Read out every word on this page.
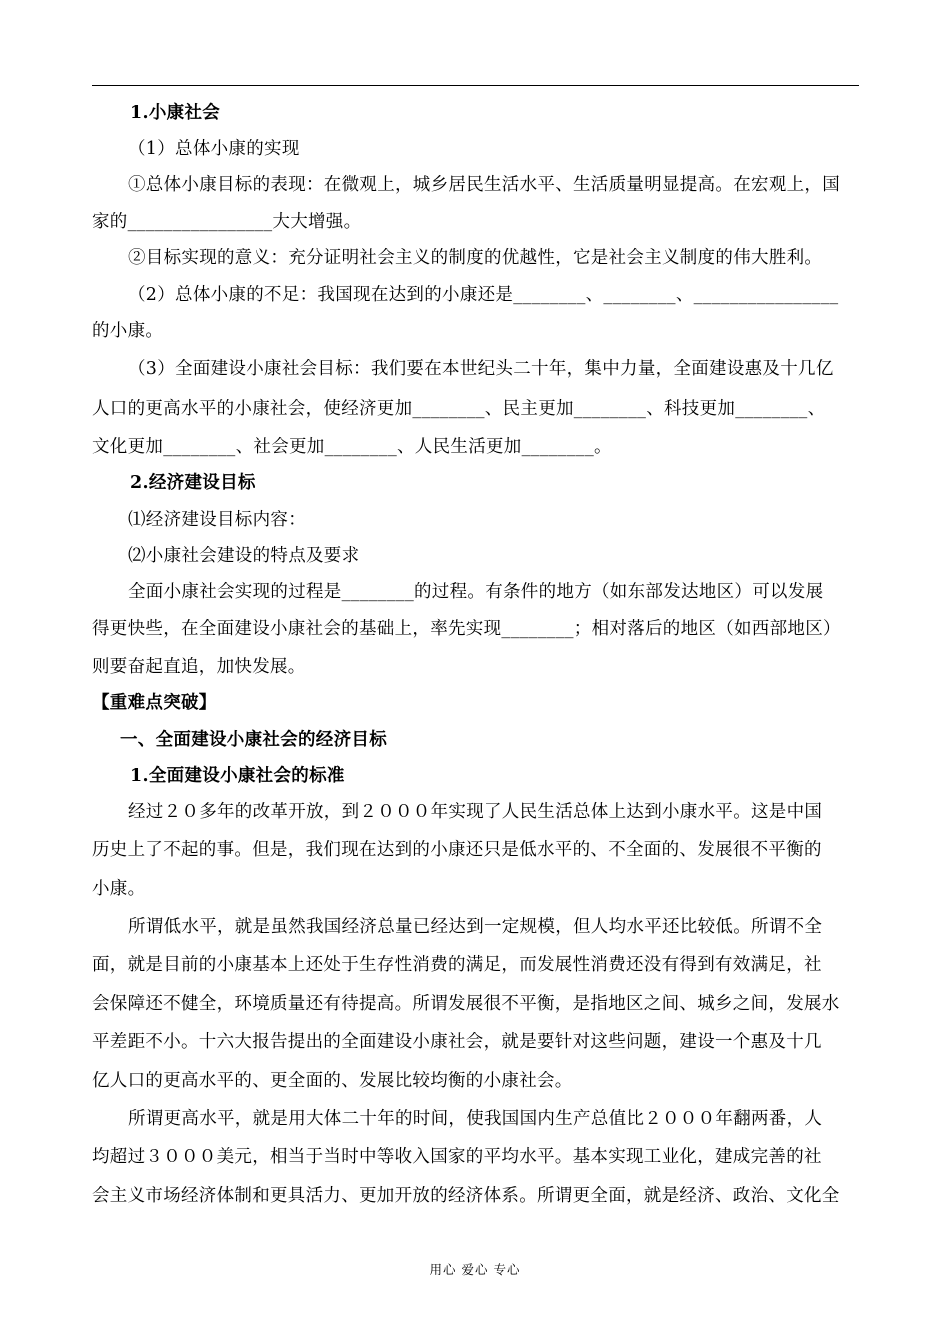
1.小康社会
（1）总体小康的实现
①总体小康目标的表现：在微观上，城乡居民生活水平、生活质量明显提高。在宏观上，国
家的________________大大增强。
②目标实现的意义：充分证明社会主义的制度的优越性，它是社会主义制度的伟大胜利。
（2）总体小康的不足：我国现在达到的小康还是________、________、________________
的小康。
（3）全面建设小康社会目标：我们要在本世纪头二十年，集中力量，全面建设惠及十几亿
人口的更高水平的小康社会，使经济更加________、民主更加________、科技更加________、
文化更加________、社会更加________、人民生活更加________。
2.经济建设目标
⑴经济建设目标内容：
⑵小康社会建设的特点及要求
全面小康社会实现的过程是________的过程。有条件的地方（如东部发达地区）可以发展
得更快些，在全面建设小康社会的基础上，率先实现________；相对落后的地区（如西部地区）
则要奋起直追，加快发展。
【重难点突破】
一、全面建设小康社会的经济目标
1.全面建设小康社会的标准
经过２０多年的改革开放，到２０００年实现了人民生活总体上达到小康水平。这是中国
历史上了不起的事。但是，我们现在达到的小康还只是低水平的、不全面的、发展很不平衡的
小康。
所谓低水平，就是虽然我国经济总量已经达到一定规模，但人均水平还比较低。所谓不全
面，就是目前的小康基本上还处于生存性消费的满足，而发展性消费还没有得到有效满足，社
会保障还不健全，环境质量还有待提高。所谓发展很不平衡，是指地区之间、城乡之间，发展水
平差距不小。十六大报告提出的全面建设小康社会，就是要针对这些问题，建设一个惠及十几
亿人口的更高水平的、更全面的、发展比较均衡的小康社会。
所谓更高水平，就是用大体二十年的时间，使我国国内生产总值比２０００年翻两番，人
均超过３０００美元，相当于当时中等收入国家的平均水平。基本实现工业化，建成完善的社
会主义市场经济体制和更具活力、更加开放的经济体系。所谓更全面，就是经济、政治、文化全
用心 爱心 专心
